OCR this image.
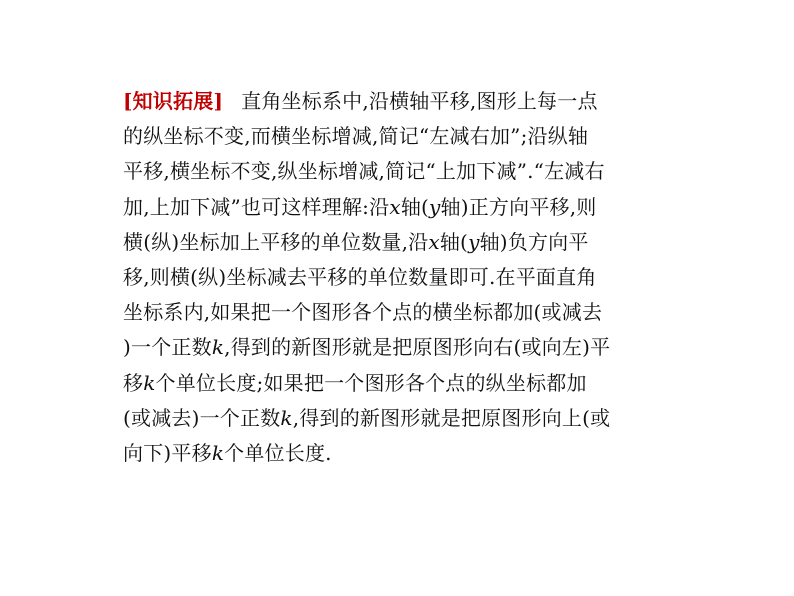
[知识拓展] 直角坐标系中,沿横轴平移,图形上每一点
的纵坐标不变,而横坐标增减,简记“左减右加”;沿纵轴
平移,横坐标不变,纵坐标增减,简记“上加下减”.“左减右
加,上加下减”也可这样理解:沿x轴(y轴)正方向平移,则
横(纵)坐标加上平移的单位数量,沿x轴(y轴)负方向平
移,则横(纵)坐标减去平移的单位数量即可.在平面直角
坐标系内,如果把一个图形各个点的横坐标都加(或减去
)一个正数k,得到的新图形就是把原图形向右(或向左)平
移k个单位长度;如果把一个图形各个点的纵坐标都加
(或减去)一个正数k,得到的新图形就是把原图形向上(或
向下)平移k个单位长度.
